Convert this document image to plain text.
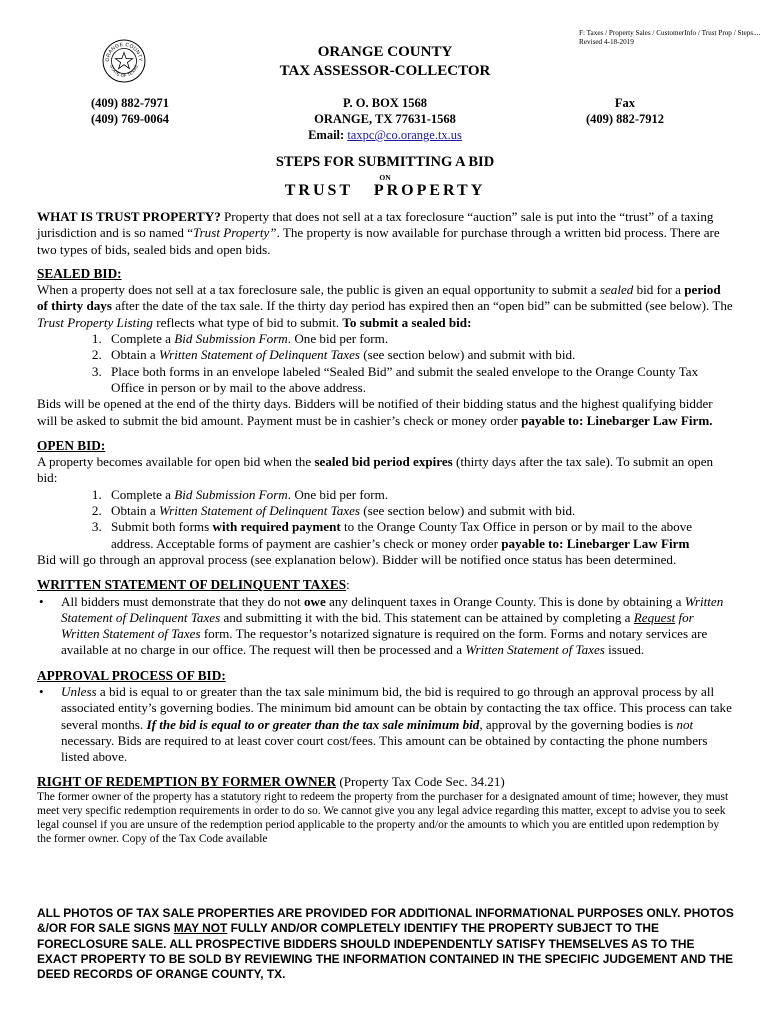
F: Taxes / Property Sales / CustomerInfo / Trust Prop / Steps.... Revised 4-18-2019
ORANGE COUNTY
STATE OF TEXAS
ORANGE COUNTY
TAX ASSESSOR-COLLECTOR
(409) 882-7971
(409) 769-0064
P. O. BOX 1568
ORANGE, TX 77631-1568
Email: taxpc@co.orange.tx.us
Fax
(409) 882-7912
STEPS FOR SUBMITTING A BID
ON
TRUST   PROPERTY

WHAT IS TRUST PROPERTY? Property that does not sell at a tax foreclosure “auction” sale is put into the “trust” of a taxing jurisdiction and is so named “Trust Property”. The property is now available for purchase through a written bid process. There are two types of bids, sealed bids and open bids.

SEALED BID:

When a property does not sell at a tax foreclosure sale, the public is given an equal opportunity to submit a sealed bid for a period of thirty days after the date of the tax sale. If the thirty day period has expired then an “open bid” can be submitted (see below). The Trust Property Listing reflects what type of bid to submit. To submit a sealed bid:

1. Complete a Bid Submission Form. One bid per form.
2. Obtain a Written Statement of Delinquent Taxes (see section below) and submit with bid.
3. Place both forms in an envelope labeled “Sealed Bid” and submit the sealed envelope to the Orange County Tax Office in person or by mail to the above address.

Bids will be opened at the end of the thirty days. Bidders will be notified of their bidding status and the highest qualifying bidder will be asked to submit the bid amount. Payment must be in cashier’s check or money order payable to: Linebarger Law Firm.

OPEN BID:

A property becomes available for open bid when the sealed bid period expires (thirty days after the tax sale). To submit an open bid:

1. Complete a Bid Submission Form. One bid per form.
2. Obtain a Written Statement of Delinquent Taxes (see section below) and submit with bid.
3. Submit both forms with required payment to the Orange County Tax Office in person or by mail to the above address. Acceptable forms of payment are cashier’s check or money order payable to: Linebarger Law Firm

Bid will go through an approval process (see explanation below). Bidder will be notified once status has been determined.

WRITTEN STATEMENT OF DELINQUENT TAXES:

• All bidders must demonstrate that they do not owe any delinquent taxes in Orange County. This is done by obtaining a Written Statement of Delinquent Taxes and submitting it with the bid. This statement can be attained by completing a Request for Written Statement of Taxes form. The requestor’s notarized signature is required on the form. Forms and notary services are available at no charge in our office. The request will then be processed and a Written Statement of Taxes issued.

APPROVAL PROCESS OF BID:

• Unless a bid is equal to or greater than the tax sale minimum bid, the bid is required to go through an approval process by all associated entity’s governing bodies. The minimum bid amount can be obtain by contacting the tax office. This process can take several months. If the bid is equal to or greater than the tax sale minimum bid, approval by the governing bodies is not necessary. Bids are required to at least cover court cost/fees. This amount can be obtained by contacting the phone numbers listed above.

RIGHT OF REDEMPTION BY FORMER OWNER (Property Tax Code Sec. 34.21)

The former owner of the property has a statutory right to redeem the property from the purchaser for a designated amount of time; however, they must meet very specific redemption requirements in order to do so. We cannot give you any legal advice regarding this matter, except to advise you to seek legal counsel if you are unsure of the redemption period applicable to the property and/or the amounts to which you are entitled upon redemption by the former owner. Copy of the Tax Code available

ALL PHOTOS OF TAX SALE PROPERTIES ARE PROVIDED FOR ADDITIONAL INFORMATIONAL PURPOSES ONLY. PHOTOS &/OR FOR SALE SIGNS MAY NOT FULLY AND/OR COMPLETELY IDENTIFY THE PROPERTY SUBJECT TO THE FORECLOSURE SALE. ALL PROSPECTIVE BIDDERS SHOULD INDEPENDENTLY SATISFY THEMSELVES AS TO THE EXACT PROPERTY TO BE SOLD BY REVIEWING THE INFORMATION CONTAINED IN THE SPECIFIC JUDGEMENT AND THE DEED RECORDS OF ORANGE COUNTY, TX.
